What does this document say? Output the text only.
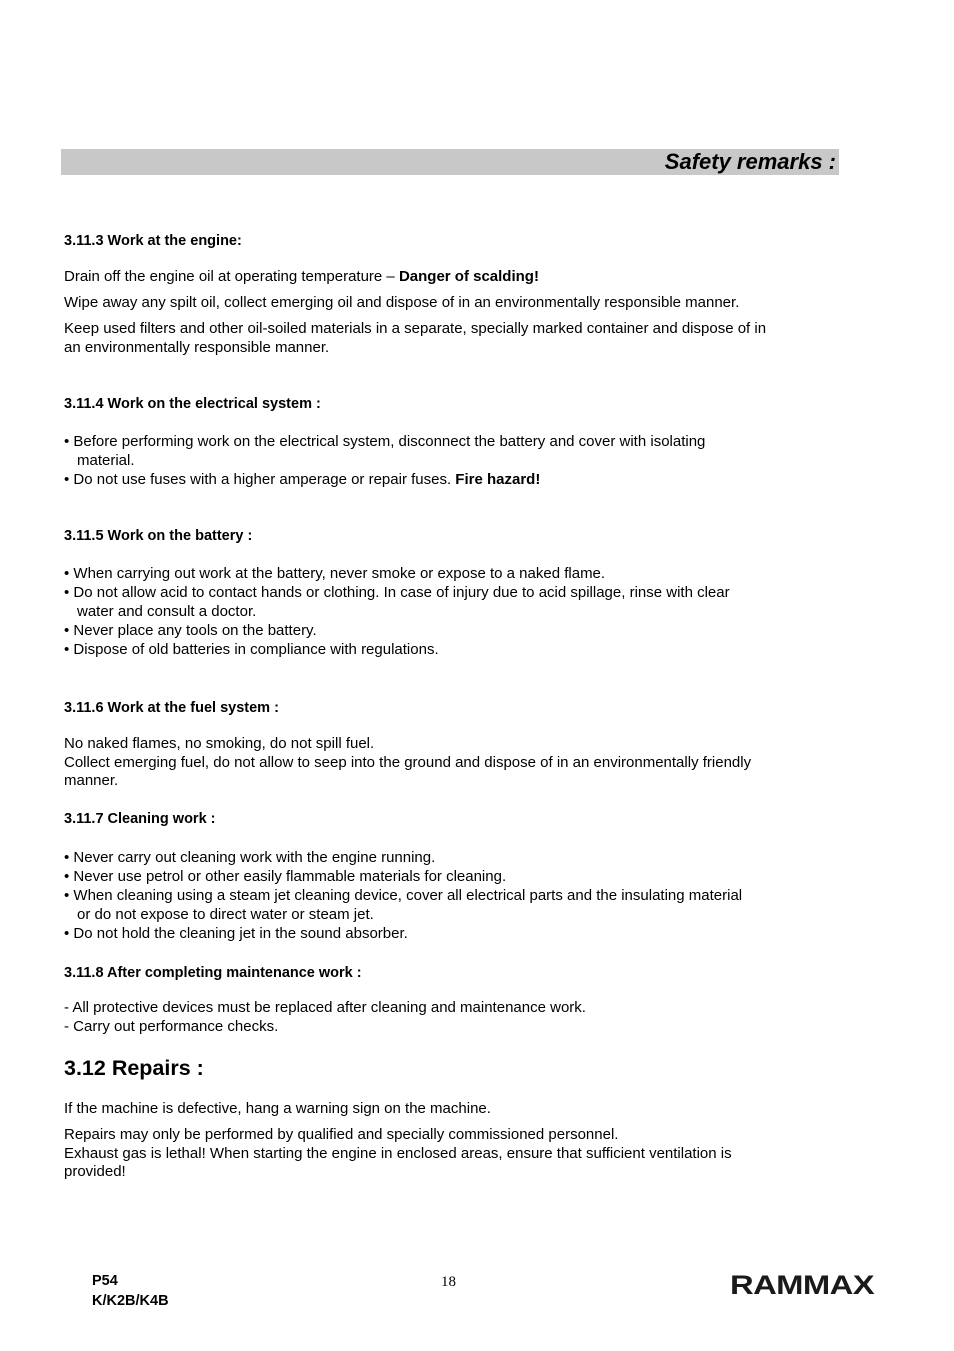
Safety remarks :
3.11.3 Work at the engine:
Drain off the engine oil at operating temperature – Danger of scalding!
Wipe away any spilt oil, collect emerging oil and dispose of in an environmentally responsible manner.
Keep used filters and other oil-soiled materials in a separate, specially marked container and dispose of in
an environmentally responsible manner.
3.11.4 Work on the electrical system :
• Before performing work on the electrical system, disconnect the battery and cover with isolating
material.
• Do not use fuses with a higher amperage or repair fuses. Fire hazard!
3.11.5 Work on the battery :
• When carrying out work at the battery, never smoke or expose to a naked flame.
• Do not allow acid to contact hands or clothing. In case of injury due to acid spillage, rinse with clear
water and consult a doctor.
• Never place any tools on the battery.
• Dispose of old batteries in compliance with regulations.
3.11.6 Work at the fuel system :
No naked flames, no smoking, do not spill fuel.
Collect emerging fuel, do not allow to seep into the ground and dispose of in an environmentally friendly
manner.
3.11.7 Cleaning work :
• Never carry out cleaning work with the engine running.
• Never use petrol or other easily flammable materials for cleaning.
• When cleaning using a steam jet cleaning device, cover all electrical parts and the insulating material
or do not expose to direct water or steam jet.
• Do not hold the cleaning jet in the sound absorber.
3.11.8 After completing maintenance work :
- All protective devices must be replaced after cleaning and maintenance work.
- Carry out performance checks.
3.12 Repairs :
If the machine is defective, hang a warning sign on the machine.
Repairs may only be performed by qualified and specially commissioned personnel.
Exhaust gas is lethal! When starting the engine in enclosed areas, ensure that sufficient ventilation is
provided!
P54
K/K2B/K4B
18	RAMMAX
